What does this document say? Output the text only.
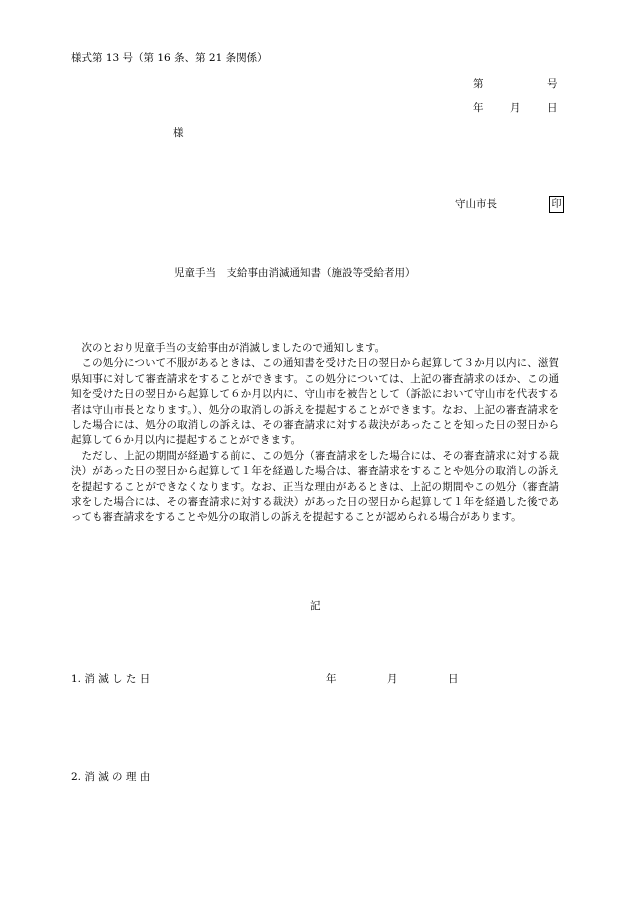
様式第 13 号（第 16 条、第 21 条関係）
第	号
年	月	日
様
守山市長	印
児童手当　支給事由消滅通知書（施設等受給者用）

次のとおり児童手当の支給事由が消滅しましたので通知します。

この処分について不服があるときは、この通知書を受けた日の翌日から起算して３か月以内に、滋賀県知事に対して審査請求をすることができます。この処分については、上記の審査請求のほか、この通知を受けた日の翌日から起算して６か月以内に、守山市を被告として（訴訟において守山市を代表する者は守山市長となります。）、処分の取消しの訴えを提起することができます。なお、上記の審査請求をした場合には、処分の取消しの訴えは、その審査請求に対する裁決があったことを知った日の翌日から起算して６か月以内に提起することができます。

ただし、上記の期間が経過する前に、この処分（審査請求をした場合には、その審査請求に対する裁決）があった日の翌日から起算して１年を経過した場合は、審査請求をすることや処分の取消しの訴えを提起することができなくなります。なお、正当な理由があるときは、上記の期間やこの処分（審査請求をした場合には、その審査請求に対する裁決）があった日の翌日から起算して１年を経過した後であっても審査請求をすることや処分の取消しの訴えを提起することが認められる場合があります。

記
1. 消 滅 し た 日	年	月	日
2. 消 滅 の 理 由
